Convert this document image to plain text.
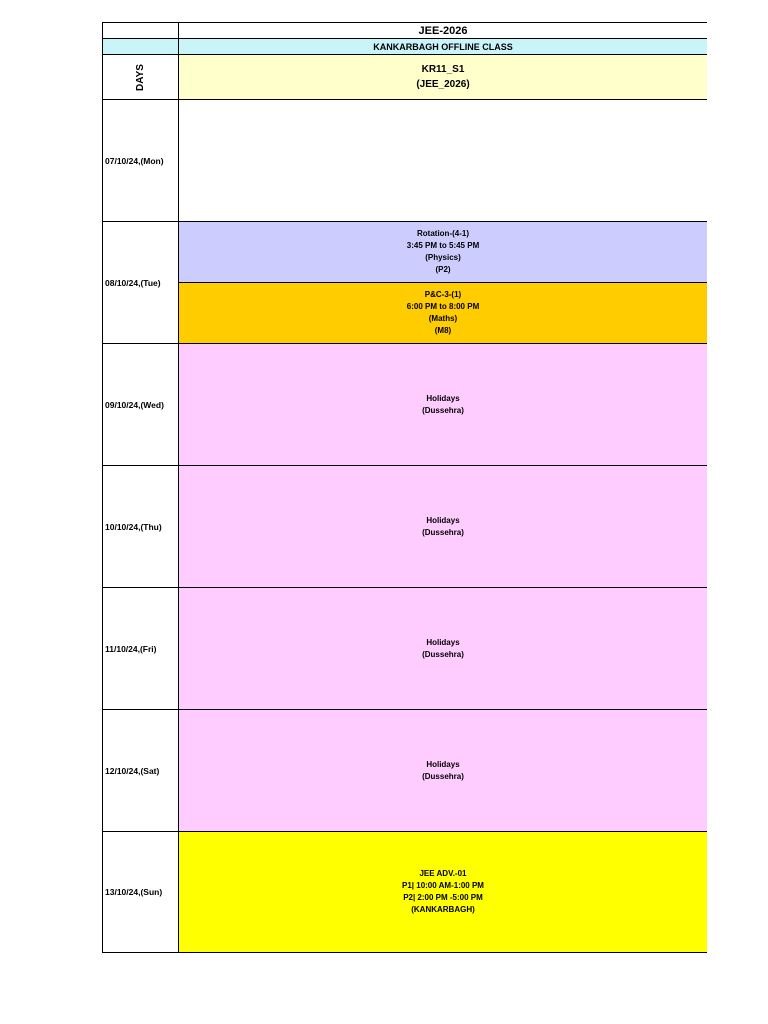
JEE-2026
KANKARBAGH OFFLINE CLASS
DAYS	KR11_S1
(JEE_2026)
07/10/24,(Mon)
08/10/24,(Tue)
Rotation-(4-1)
3:45 PM to 5:45 PM
(Physics)
(P2)
P&C-3-(1)
6:00 PM to 8:00 PM
(Maths)
(M8)
09/10/24,(Wed)
Holidays
(Dussehra)
10/10/24,(Thu)
Holidays
(Dussehra)
11/10/24,(Fri)
Holidays
(Dussehra)
12/10/24,(Sat)
Holidays
(Dussehra)
13/10/24,(Sun)
JEE ADV.-01
P1| 10:00 AM-1:00 PM
P2| 2:00 PM -5:00 PM
(KANKARBAGH)
